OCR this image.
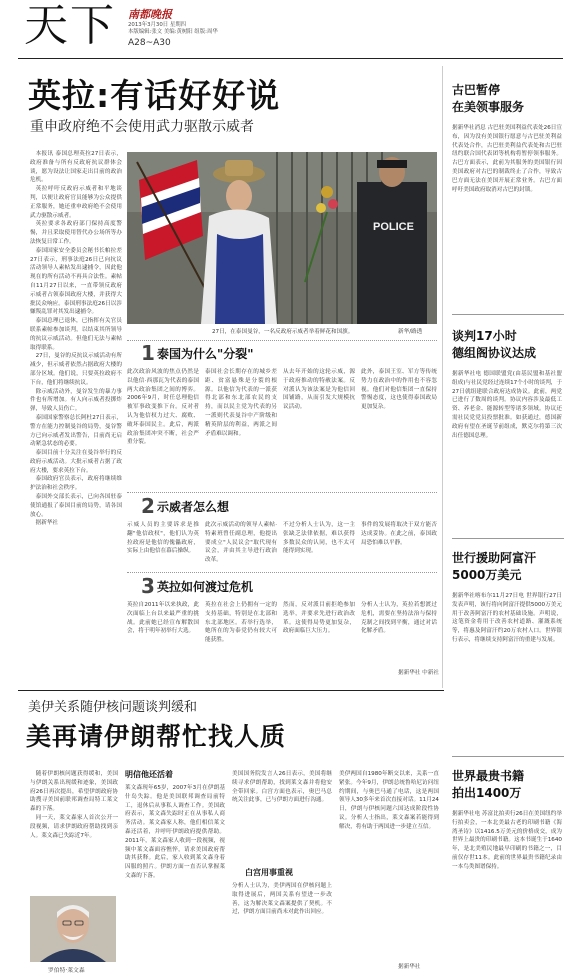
天下 南都晚报
2013年3月30日 星期四
本版编辑:张文 美编:黄树阳 组版:周华
A28~A30
英拉:有话好好说
重申政府绝不会使用武力驱散示威者

本报讯 泰国总理英拉27日表示，政府准备与所有反政府抗议群体会谈，愿为设法让国家走出目前的政治危机。

英拉呼吁反政府示威者和平地谈判，以便让政府官员能够为公众提供正常服务，她还重申政府绝不会使用武力驱散示威者。

英拉要求各政府部门保持高度警惕，并且采取使用替代办公场所等办法恢复日常工作。

泰国国家安全委员会秘书长帕拉差27日表示，刑事法庭26日已向抗议活动领导人素帖发出逮捕令，因此他现在的所有活动不再具合法性。素帖自11月27日以来，一直带领反政府示威者占领泰国政府大楼，并获得大批民众响应。泰国刑事法庭26日以涉嫌叛乱罪对其发出逮捕令。

泰国总理已退休，已指挥有关官员联系素帖参加谈判，以结束其所领导的抗议示威活动。但他们无法与素帖取得联系。

27日，曼谷的反抗议示威活动有所减少，但示威者依然占据政府大楼的部分区域。他们说，只要英拉政府不下台，他们将继续抗议。

除示威活动外，曼谷发生的暴力事件也有所增加。有人向示威者投掷炸弹，导致人员伤亡。

泰国国家警察总长阿杜27日表示，警方在能力控制曼谷的局势，曼谷警方已向示威者发出警告，目前尚无启动紧急状态的必要。

泰国目前十分关注在曼谷举行的反政府示威活动。大批示威者占据了政府大楼，要求英拉下台。

泰国政府官员表示，政府将继续维护法治和社会秩序。

泰国外交部长表示，已向各国驻泰使馆通报了泰国目前的局势，请各国放心。

据新华社

POLICE
27日，在泰国曼谷，一名反政府示威者举着鲜花和国旗。	新华/路透
1 泰国为什么"分裂"
此次政治风波的焦点仍然是以他信·西那瓦为代表的泰国两大政治集团之间的博弈。2006年9月，时任总理他信被军事政变推下台。反对者认为他信权力过大、腐败、破坏泰国民主。此后，两派政治集团冲突不断，社会严重分裂。
泰国社会长期存在的城乡差距、贫富悬殊是分裂的根源。以他信为代表的一派获得北部和东北部农民的支持，而以民主党为代表的另一派则代表曼谷中产阶级和精英阶层的利益，两派之间矛盾难以调和。
从去年开始的这轮示威，源于政府推动的特赦法案。反对派认为该法案是为他信回国铺路，从而引发大规模抗议活动。
此外，泰国王室、军方等传统势力在政治中的作用也不容忽视。他们对他信集团一直保持警惕态度，这也使得泰国政局更加复杂。
2 示威者怎么想
示威人员的主要诉求是推翻"他信政权"，他们认为英拉政府是他信的傀儡政府，实际上由他信在幕后操纵。
此次示威活动的领导人素帖·特素班曾任副总理，他提出要成立"人民议会"取代现有议会，并由其主导进行政治改革。
不过分析人士认为，这一主张缺乏法律依据，难以获得多数民众的认同，也不太可能得到实现。
事件的发展将取决于双方能否达成妥协。在此之前，泰国政局恐怕难以平静。
3 英拉如何渡过危机
英拉自2011年以来执政，此次面临上台以来最严重的挑战。此前她已经宣布解散国会，将于明年初举行大选。
英拉在社会上仍拥有一定的支持基础，特别是在北部和东北部地区。若举行选举，她所在的为泰党仍有较大可能获胜。
然而，反对派目前拒绝参加选举，并要求先进行政治改革。这使得局势更加复杂，政府面临巨大压力。
分析人士认为，英拉若想渡过危机，需要在坚持法治与保持克制之间找到平衡，通过对话化解矛盾。
据新华社 中新社
古巴暂停
在美领事服务
据新华社消息 古巴驻美国利益代表处26日宣布，因为没有美国银行愿意与古巴驻美利益代表处合作，古巴驻美利益代表处和古巴驻纽约联合国代表团等机构将暂停领事服务。古巴方面表示，此前为其服务的美国银行因美国政府对古巴的制裁终止了合作，导致古巴方面无法在美国开展正常业务。古巴方面呼吁美国政府取消对古巴的封锁。
谈判17小时
德组阁协议达成
据新华社电 德国联盟党(由基民盟和基社盟组成)与社民党经过连续17个小时的谈判，于27日就组建联合政府达成协议。此前，两党已进行了数周的谈判。协议内容涉及最低工资、养老金、能源转型等诸多领域。协议还需社民党党员投票批准。如获通过，德国新政府有望在圣诞节前组成，默克尔将第三次出任德国总理。
世行援助阿富汗
5000万美元
据新华社喀布尔11月27日电 世界银行27日发表声明，该行将向阿富汗提供5000万美元用于改善阿富汗的农村基础设施。声明说，这笔资金将用于改善农村道路、灌溉系统等，将惠及阿富汗约20万农村人口。世界银行表示，将继续支持阿富汗的重建与发展。
世界最贵书籍
拍出1400万
据新华社电 苏富比拍卖行26日在美国纽约举行拍卖会，一本北美最古老的印刷书籍《海湾圣诗》以1416.5万美元的价格成交，成为世界上最贵的印刷书籍。这本书诞生于1640年，是北美殖民地最早印刷的书籍之一，目前仅存世11本。此前的世界最贵书籍纪录由一本鸟类图谱保持。
美伊关系随伊核问题谈判缓和
美再请伊朗帮忙找人质

随着伊朗核问题获得缓和，美国与伊朗关系出现缓和迹象，美国政府26日再次提出，希望伊朗政府协助搜寻美国前联邦调查局特工莱文森的下落。

同一天，莱文森家人首次公开一段视频，请求伊朗政府帮助找到亲人。莱文森已失踪近7年。

罗伯特·莱文森
明信他还活着
莱文森现年65岁，2007年3月在伊朗基什岛失踪。他是美国联邦调查局前特工，退休后从事私人调查工作。美国政府表示，莱文森失踪时正在从事私人商务活动。莱文森家人称，他们相信莱文森还活着，并呼吁伊朗政府提供帮助。2011年，莱文森家人收到一段视频，视频中莱文森面容憔悴，请求美国政府帮助其获释。此后，家人收到莱文森身着囚服的照片。伊朗方面一直否认掌握莱文森的下落。
美国国务院发言人26日表示，美国将继续寻求伊朗帮助，找到莱文森并将他安全带回家。白宫方面也表示，奥巴马总统关注此事，已与伊朗方面进行沟通。
白宫用事重视
分析人士认为，美伊两国在伊核问题上取得进展后，两国关系有望进一步改善，这为解决莱文森案提供了契机。不过，伊朗方面目前尚未对此作出回应。
美伊两国自1980年断交以来，关系一直紧张。今年9月，伊朗总统鲁哈尼访问纽约期间，与奥巴马通了电话，这是两国领导人30多年来首次直接对话。11月24日，伊朗与伊核问题六国达成阶段性协议。分析人士指出，莱文森案若能得到解决，将有助于两国进一步建立互信。
据新华社
